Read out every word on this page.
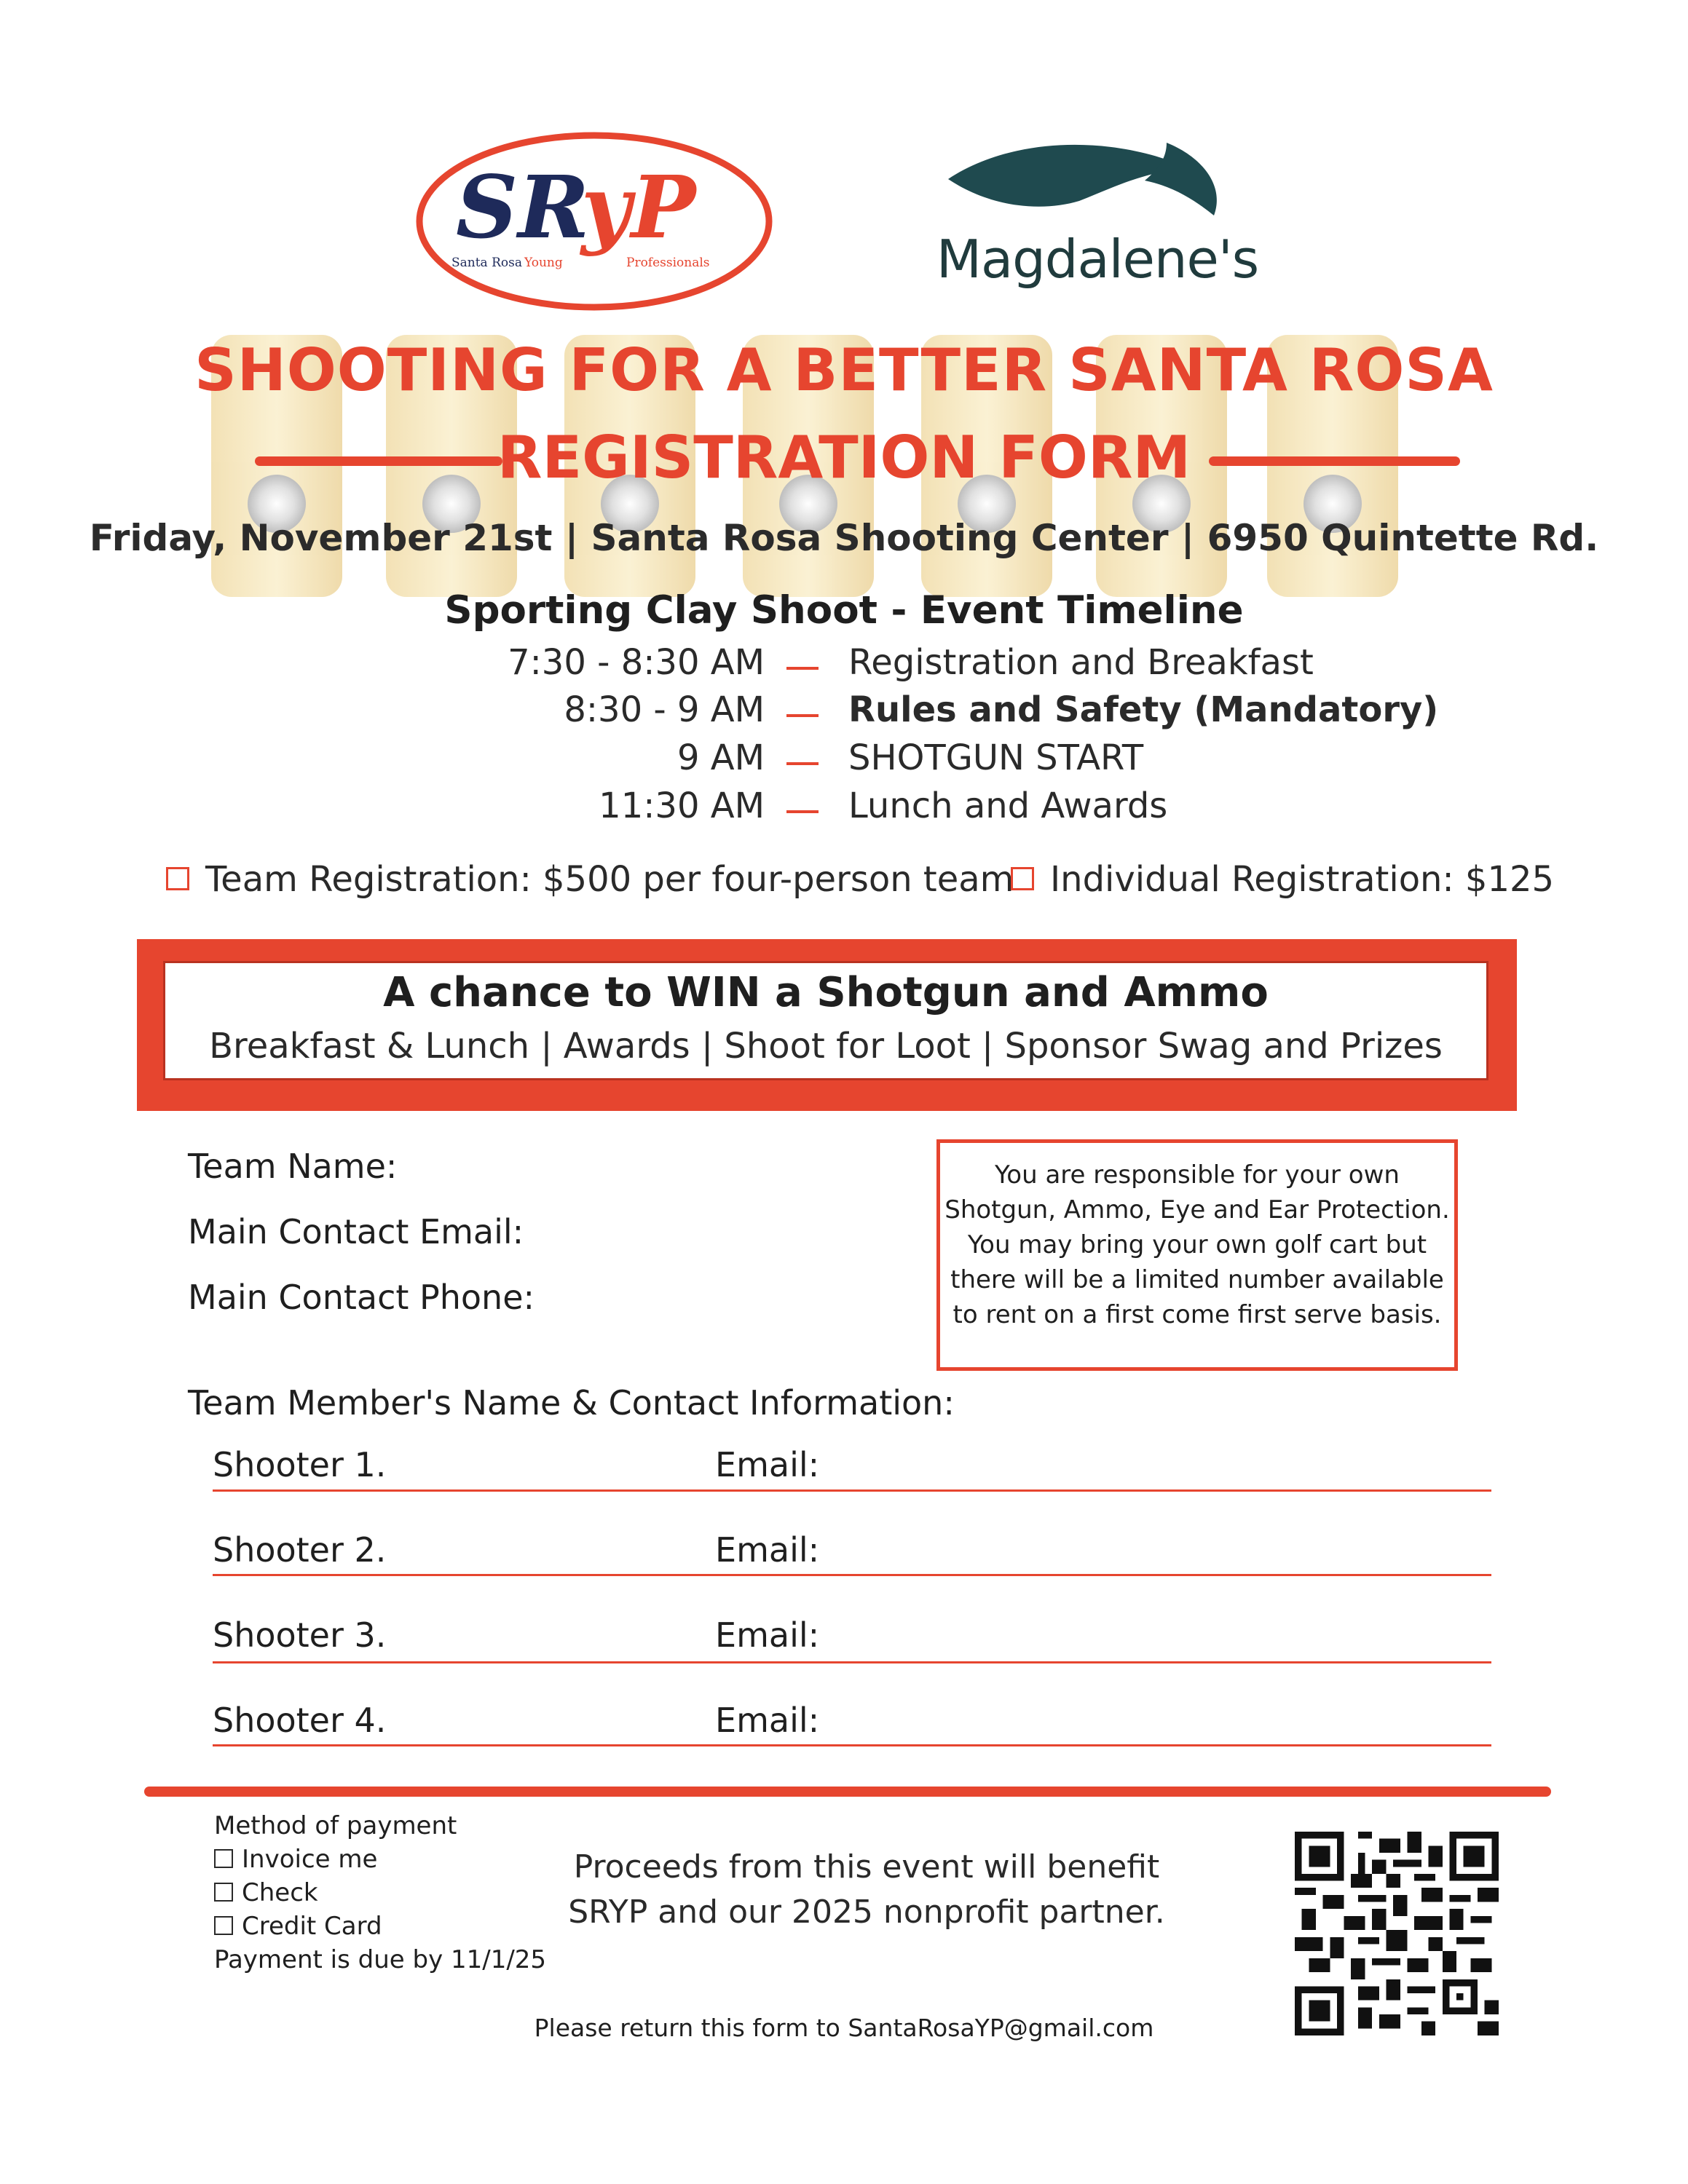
SR
yP
Santa Rosa Young	Professionals	Magdalene's
SHOOTING FOR A BETTER SANTA ROSA
REGISTRATION FORM
Friday, November 21st | Santa Rosa Shooting Center | 6950 Quintette Rd.
Sporting Clay Shoot - Event Timeline
7:30 - 8:30 AM Registration and Breakfast
8:30 - 9 AM Rules and Safety (Mandatory)
9 AM SHOTGUN START
11:30 AM Lunch and Awards
Team Registration: $500 per four-person team	Individual Registration: $125
A chance to WIN a Shotgun and Ammo
Breakfast & Lunch | Awards | Shoot for Loot | Sponsor Swag and Prizes
Team Name:
Main Contact Email:
Main Contact Phone:
You are responsible for your own
Shotgun, Ammo, Eye and Ear Protection.
You may bring your own golf cart but
there will be a limited number available
to rent on a first come first serve basis.
Team Member's Name & Contact Information:
Shooter 1.	Email:
Shooter 2.	Email:
Shooter 3.	Email:
Shooter 4.	Email:
Method of payment
Invoice me
Check
Credit Card
Payment is due by 11/1/25
Proceeds from this event will benefit
SRYP and our 2025 nonprofit partner.
Please return this form to SantaRosaYP@gmail.com
